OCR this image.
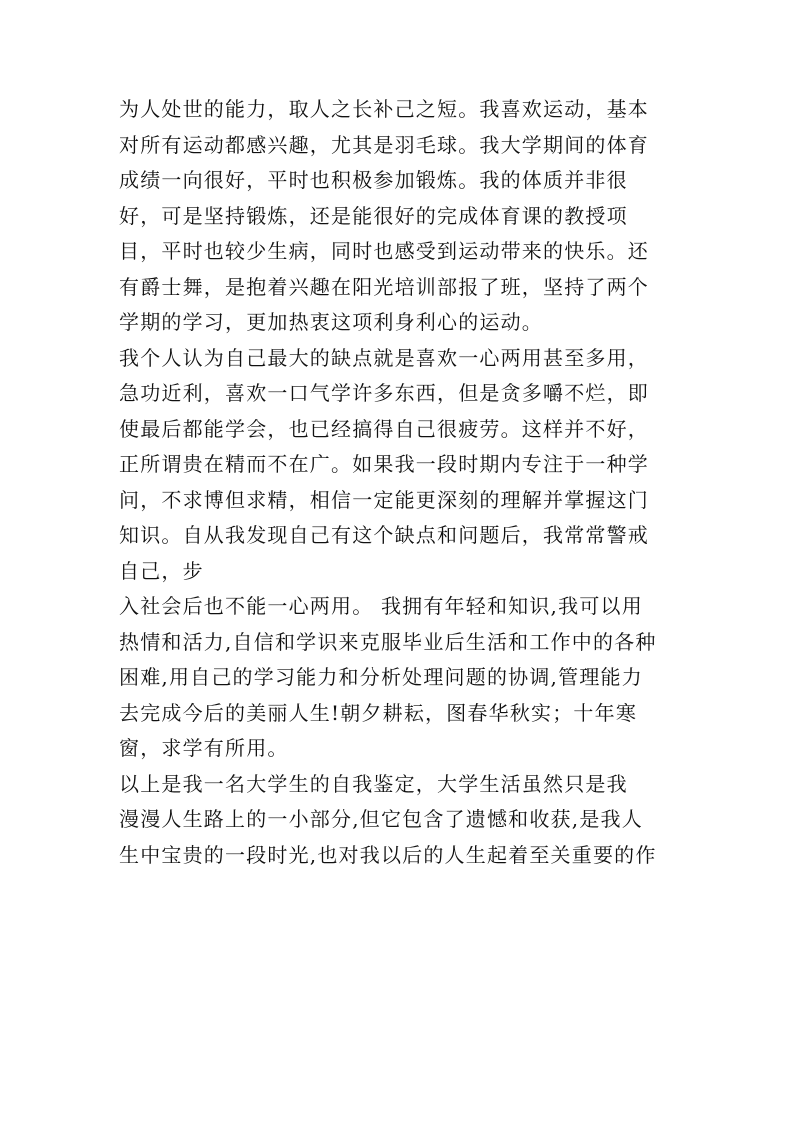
为人处世的能力，取人之长补己之短。我喜欢运动，基本
对所有运动都感兴趣，尤其是羽毛球。我大学期间的体育
成绩一向很好，平时也积极参加锻炼。我的体质并非很
好，可是坚持锻炼，还是能很好的完成体育课的教授项
目，平时也较少生病，同时也感受到运动带来的快乐。还
有爵士舞，是抱着兴趣在阳光培训部报了班，坚持了两个
学期的学习，更加热衷这项利身利心的运动。
我个人认为自己最大的缺点就是喜欢一心两用甚至多用，
急功近利，喜欢一口气学许多东西，但是贪多嚼不烂，即
使最后都能学会，也已经搞得自己很疲劳。这样并不好，
正所谓贵在精而不在广。如果我一段时期内专注于一种学
问，不求博但求精，相信一定能更深刻的理解并掌握这门
知识。自从我发现自己有这个缺点和问题后，我常常警戒
自己，步
入社会后也不能一心两用。 我拥有年轻和知识,我可以用
热情和活力,自信和学识来克服毕业后生活和工作中的各种
困难,用自己的学习能力和分析处理问题的协调,管理能力
去完成今后的美丽人生!朝夕耕耘，图春华秋实；十年寒
窗，求学有所用。
以上是我一名大学生的自我鉴定，大学生活虽然只是我
漫漫人生路上的一小部分,但它包含了遗憾和收获,是我人
生中宝贵的一段时光,也对我以后的人生起着至关重要的作
